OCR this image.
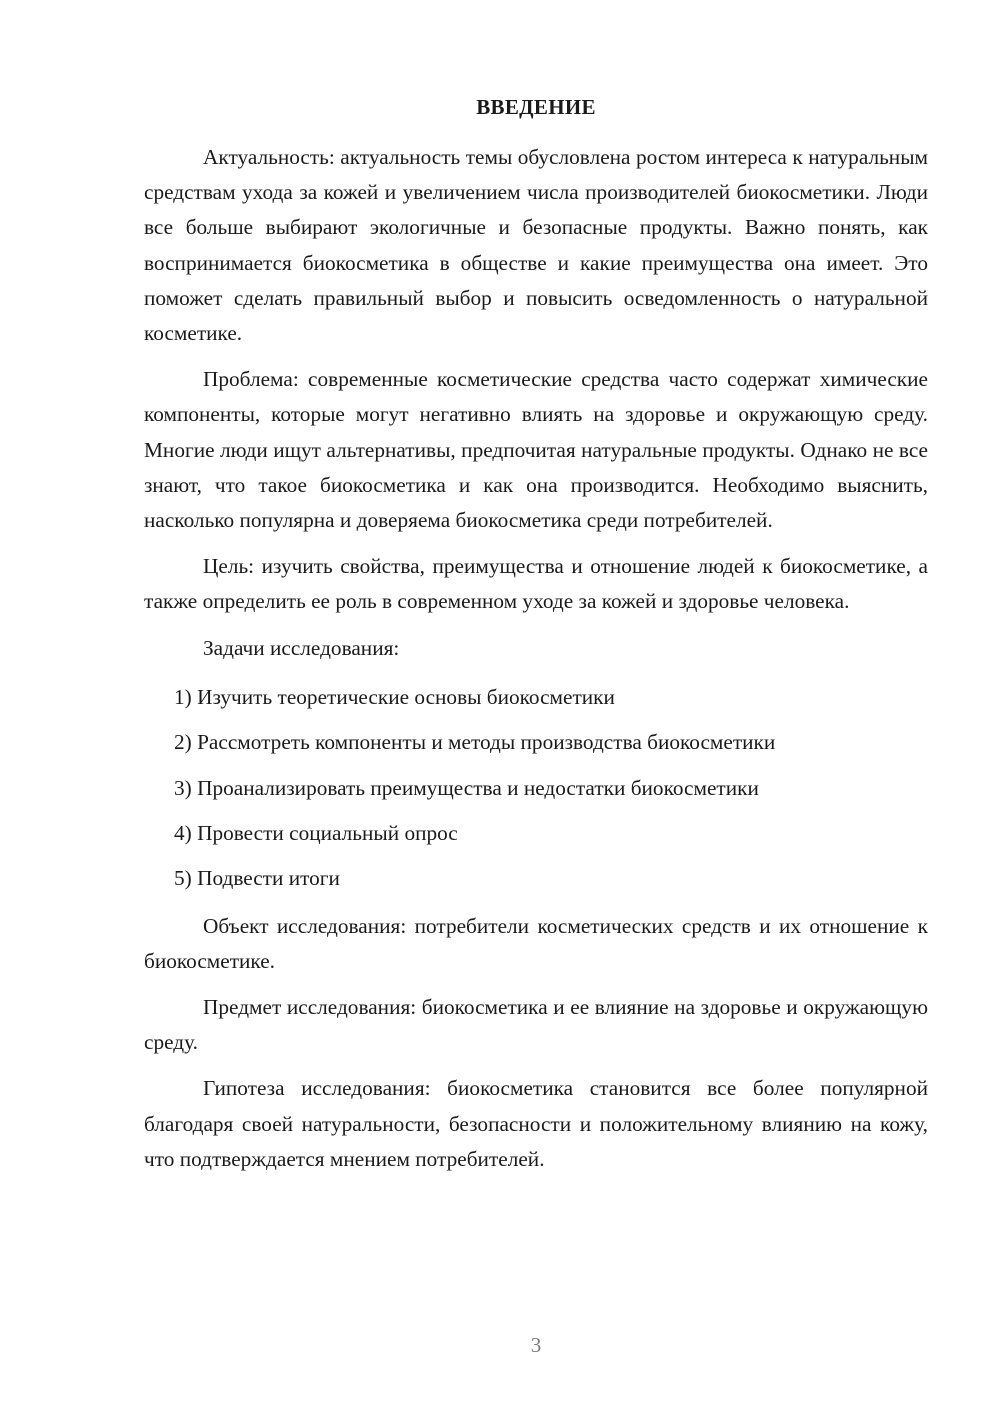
ВВЕДЕНИЕ

Актуальность: актуальность темы обусловлена ростом интереса к натуральным средствам ухода за кожей и увеличением числа производителей биокосметики. Люди все больше выбирают экологичные и безопасные продукты. Важно понять, как воспринимается биокосметика в обществе и какие преимущества она имеет. Это поможет сделать правильный выбор и повысить осведомленность о натуральной косметике.

Проблема: современные косметические средства часто содержат химические компоненты, которые могут негативно влиять на здоровье и окружающую среду. Многие люди ищут альтернативы, предпочитая натуральные продукты. Однако не все знают, что такое биокосметика и как она производится. Необходимо выяснить, насколько популярна и доверяема биокосметика среди потребителей.

Цель: изучить свойства, преимущества и отношение людей к биокосметике, а также определить ее роль в современном уходе за кожей и здоровье человека.

Задачи исследования:

1) Изучить теоретические основы биокосметики
2) Рассмотреть компоненты и методы производства биокосметики
3) Проанализировать преимущества и недостатки биокосметики
4) Провести социальный опрос
5) Подвести итоги

Объект исследования: потребители косметических средств и их отношение к биокосметике.

Предмет исследования: биокосметика и ее влияние на здоровье и окружающую среду.

Гипотеза исследования: биокосметика становится все более популярной благодаря своей натуральности, безопасности и положительному влиянию на кожу, что подтверждается мнением потребителей.

3
